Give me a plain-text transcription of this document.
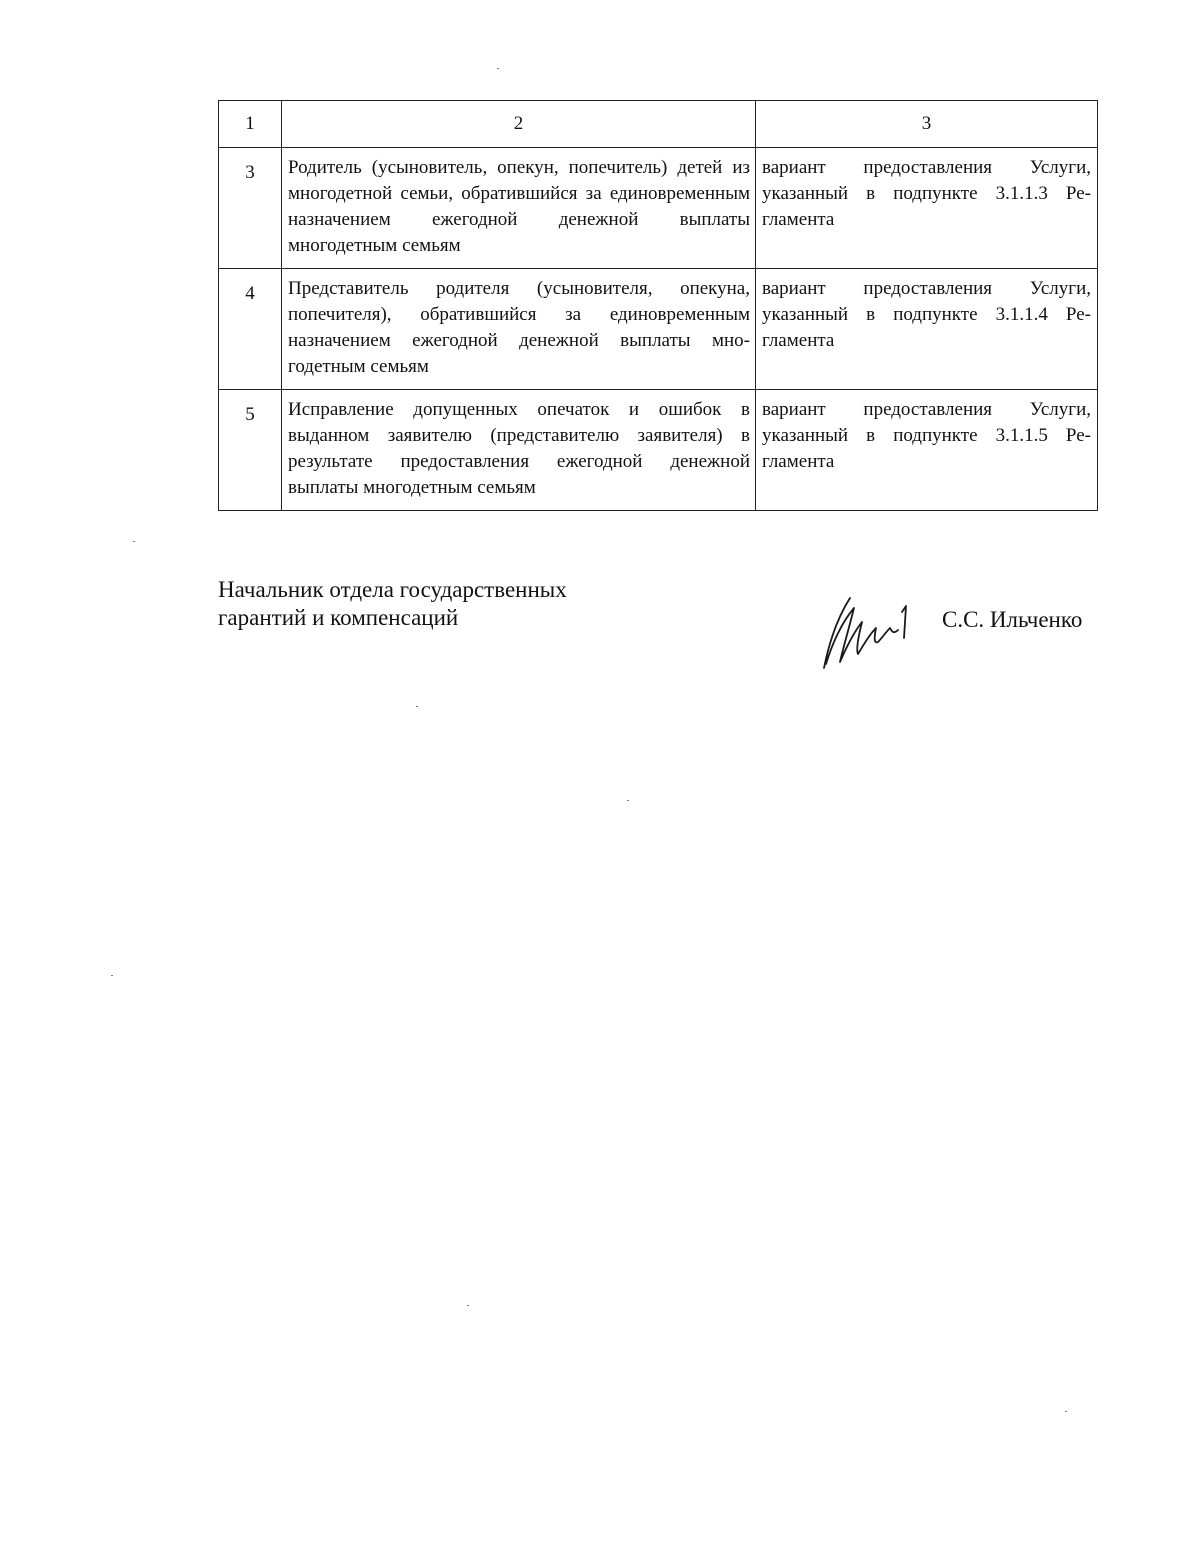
1	2	3
3	Родитель (усыновитель, опекун, попечитель) детей из многодетной семьи, обратившийся за единовременным назначением ежегодной денежной выплаты многодетным семьям	вариант предоставления Услуги, указанный в подпункте 3.1.1.3 Регламента
4	Представитель родителя (усыновителя, опекуна, попечителя), обратившийся за единовременным назначением ежегодной денежной выплаты многодетным семьям	вариант предоставления Услуги, указанный в подпункте 3.1.1.4 Регламента
5	Исправление допущенных опечаток и ошибок в выданном заявителю (представителю заявителя) в результате предоставления ежегодной денежной выплаты многодетным семьям	вариант предоставления Услуги, указанный в подпункте 3.1.1.5 Регламента
Начальник отдела государственных
гарантий и компенсаций	С.С. Ильченко
